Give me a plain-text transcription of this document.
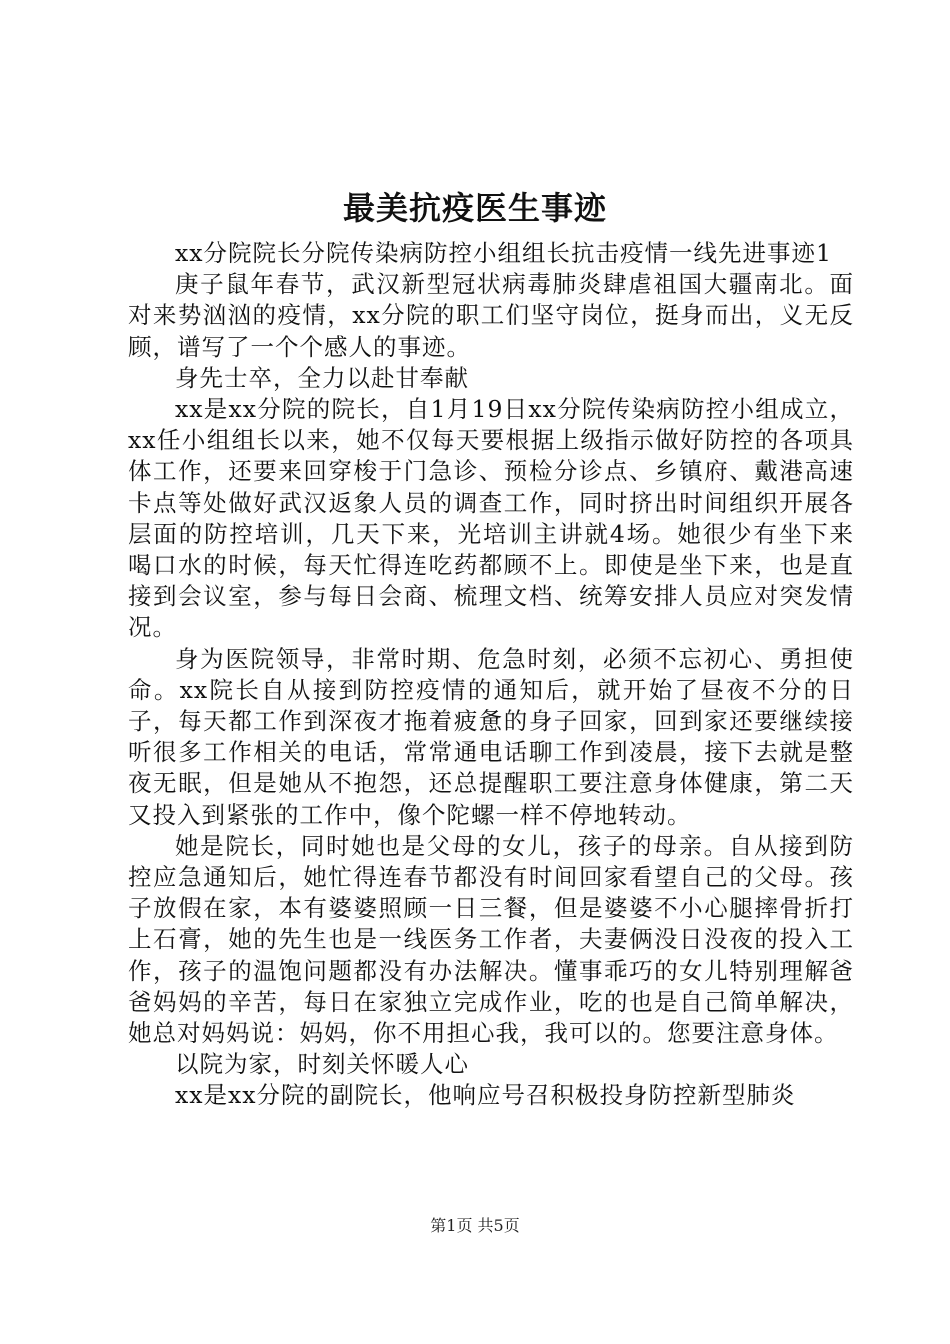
最美抗疫医生事迹

xx分院院长分院传染病防控小组组长抗击疫情一线先进事迹1

庚子鼠年春节，武汉新型冠状病毒肺炎肆虐祖国大疆南北。面对来势汹汹的疫情，xx分院的职工们坚守岗位，挺身而出，义无反顾，谱写了一个个感人的事迹。

身先士卒，全力以赴甘奉献

xx是xx分院的院长，自1月19日xx分院传染病防控小组成立，xx任小组组长以来，她不仅每天要根据上级指示做好防控的各项具体工作，还要来回穿梭于门急诊、预检分诊点、乡镇府、戴港高速卡点等处做好武汉返象人员的调查工作，同时挤出时间组织开展各层面的防控培训，几天下来，光培训主讲就4场。她很少有坐下来喝口水的时候，每天忙得连吃药都顾不上。即使是坐下来，也是直接到会议室，参与每日会商、梳理文档、统筹安排人员应对突发情况。

身为医院领导，非常时期、危急时刻，必须不忘初心、勇担使命。xx院长自从接到防控疫情的通知后，就开始了昼夜不分的日子，每天都工作到深夜才拖着疲惫的身子回家，回到家还要继续接听很多工作相关的电话，常常通电话聊工作到凌晨，接下去就是整夜无眠，但是她从不抱怨，还总提醒职工要注意身体健康，第二天又投入到紧张的工作中，像个陀螺一样不停地转动。

她是院长，同时她也是父母的女儿，孩子的母亲。自从接到防控应急通知后，她忙得连春节都没有时间回家看望自己的父母。孩子放假在家，本有婆婆照顾一日三餐，但是婆婆不小心腿摔骨折打上石膏，她的先生也是一线医务工作者，夫妻俩没日没夜的投入工作，孩子的温饱问题都没有办法解决。懂事乖巧的女儿特别理解爸爸妈妈的辛苦，每日在家独立完成作业，吃的也是自己简单解决，她总对妈妈说：妈妈，你不用担心我，我可以的。您要注意身体。

以院为家，时刻关怀暖人心

xx是xx分院的副院长，他响应号召积极投身防控新型肺炎

第1页 共5页
